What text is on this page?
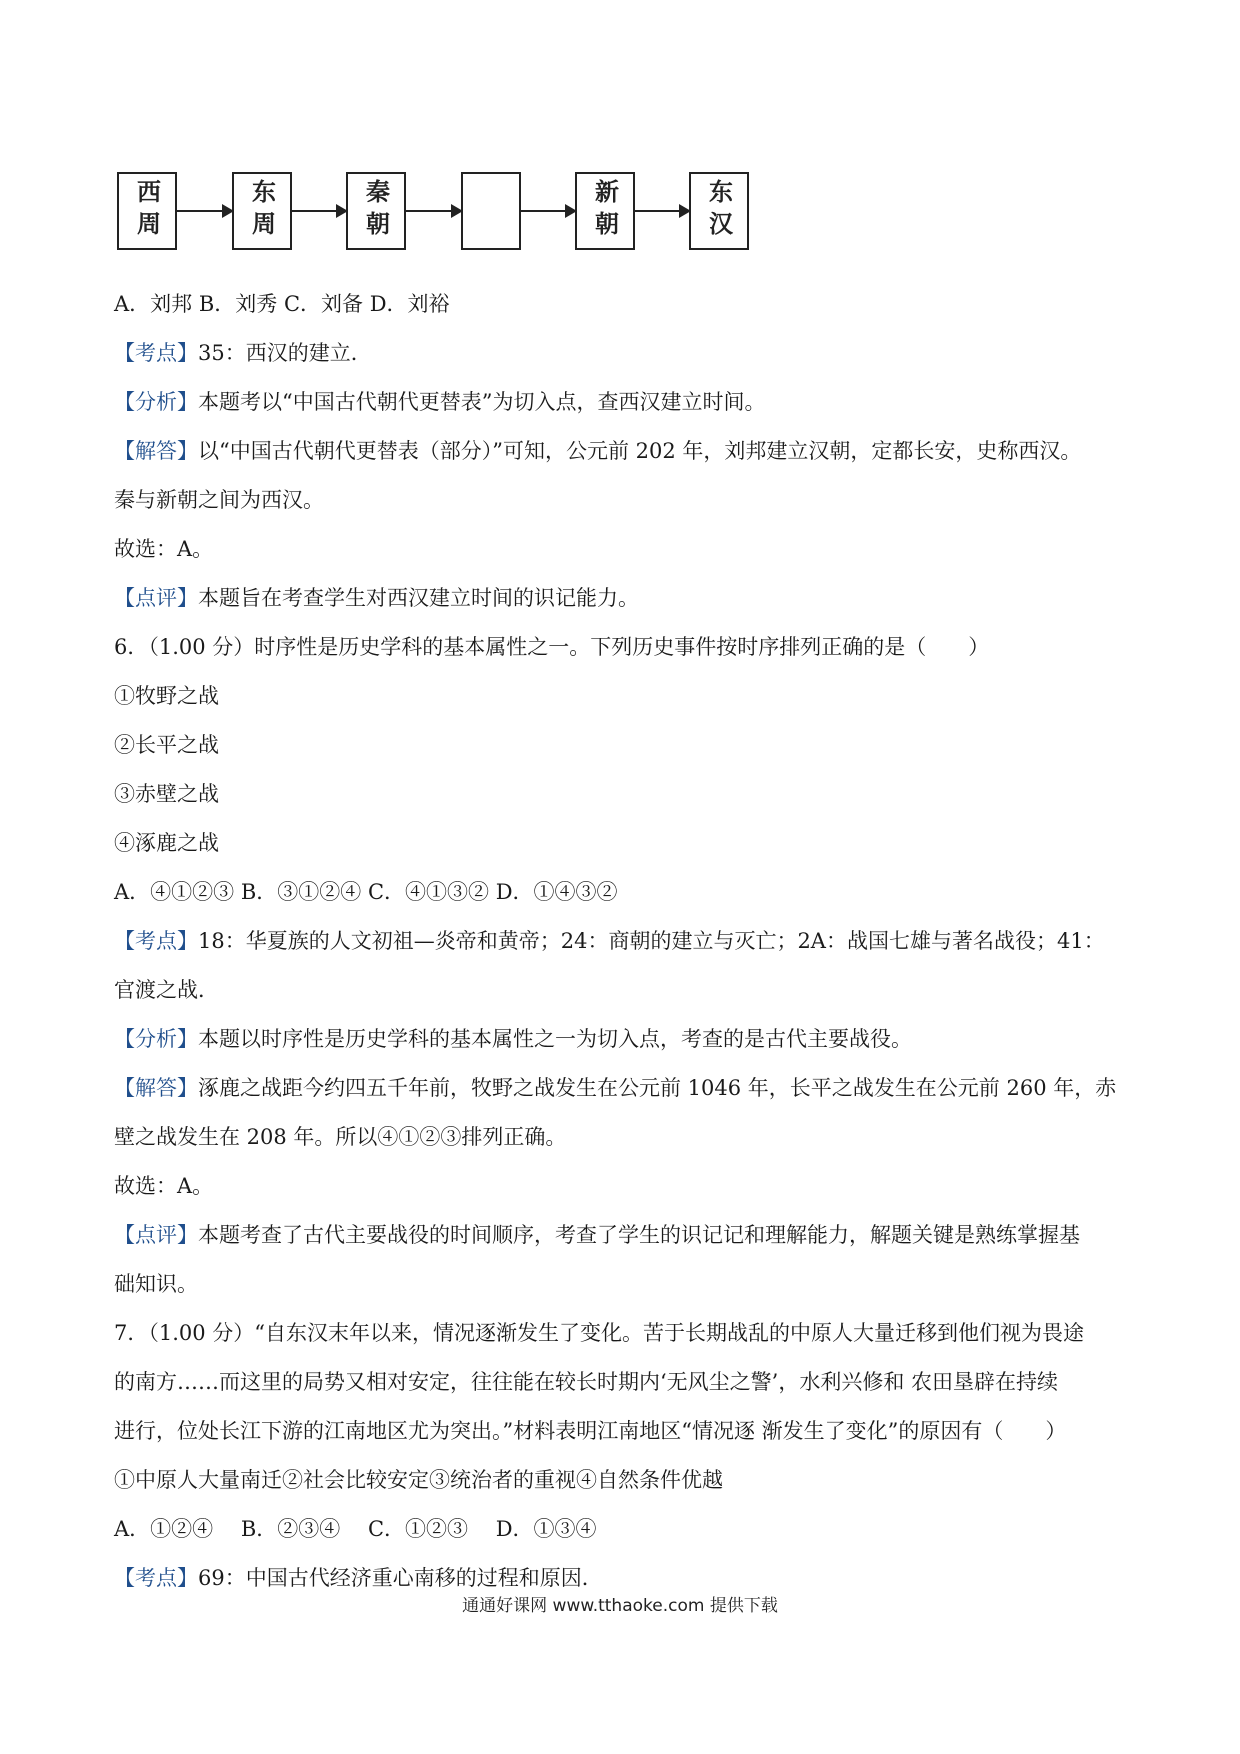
西周	东周	秦朝	新朝	东汉
A．刘邦 B．刘秀 C．刘备 D．刘裕
【考点】35：西汉的建立．
【分析】本题考以“中国古代朝代更替表”为切入点，查西汉建立时间。
【解答】以“中国古代朝代更替表（部分）”可知，公元前 202 年，刘邦建立汉朝，定都长安，史称西汉。
秦与新朝之间为西汉。
故选：A。
【点评】本题旨在考查学生对西汉建立时间的识记能力。
6．（1.00 分）时序性是历史学科的基本属性之一。下列历史事件按时序排列正确的是（　　）
①牧野之战
②长平之战
③赤壁之战
④涿鹿之战
A．④①②③ B．③①②④ C．④①③② D．①④③②
【考点】18：华夏族的人文初祖—炎帝和黄帝；24：商朝的建立与灭亡；2A：战国七雄与著名战役；41：
官渡之战．
【分析】本题以时序性是历史学科的基本属性之一为切入点，考查的是古代主要战役。
【解答】涿鹿之战距今约四五千年前，牧野之战发生在公元前 1046 年，长平之战发生在公元前 260 年，赤
壁之战发生在 208 年。所以④①②③排列正确。
故选：A。
【点评】本题考查了古代主要战役的时间顺序，考查了学生的识记记和理解能力，解题关键是熟练掌握基
础知识。
7．（1.00 分）“自东汉末年以来，情况逐渐发生了变化。苦于长期战乱的中原人大量迁移到他们视为畏途
的南方……而这里的局势又相对安定，往往能在较长时期内‘无风尘之警’，水利兴修和 农田垦辟在持续
进行，位处长江下游的江南地区尤为突出。”材料表明江南地区“情况逐 渐发生了变化”的原因有（　　）
①中原人大量南迁②社会比较安定③统治者的重视④自然条件优越
A．①②④　 B．②③④　 C．①②③　 D．①③④
【考点】69：中国古代经济重心南移的过程和原因．
通通好课网 www.tthaoke.com 提供下载
